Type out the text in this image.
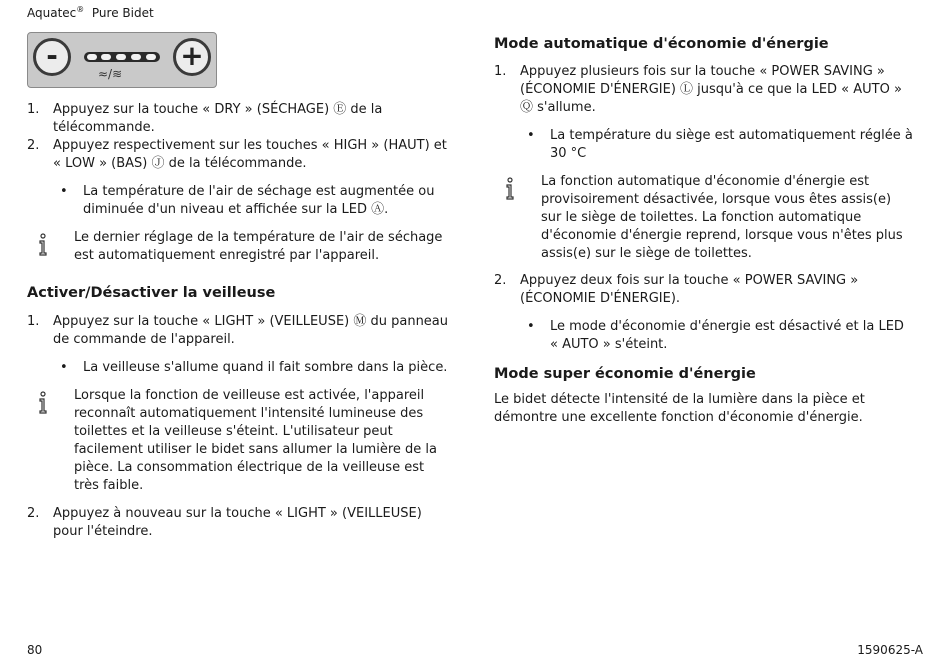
Aquatec® Pure Bidet
-
≈/≋
+

1. Appuyez sur la touche « DRY » (SÉCHAGE) Ⓔ de la télécommande.

2. Appuyez respectivement sur les touches « HIGH » (HAUT) et « LOW » (BAS) Ⓙ de la télécommande.

• La température de l'air de séchage est augmentée ou diminuée d'un niveau et affichée sur la LED Ⓐ.

Le dernier réglage de la température de l'air de séchage est automatiquement enregistré par l'appareil.
Activer/Désactiver la veilleuse

1. Appuyez sur la touche « LIGHT » (VEILLEUSE) Ⓜ du panneau de commande de l'appareil.

• La veilleuse s'allume quand il fait sombre dans la pièce.

Lorsque la fonction de veilleuse est activée, l'appareil reconnaît automatiquement l'intensité lumineuse des toilettes et la veilleuse s'éteint. L'utilisateur peut facilement utiliser le bidet sans allumer la lumière de la pièce. La consommation électrique de la veilleuse est très faible.

2. Appuyez à nouveau sur la touche « LIGHT » (VEILLEUSE) pour l'éteindre.

Mode automatique d'économie d'énergie

1. Appuyez plusieurs fois sur la touche « POWER SAVING » (ÉCONOMIE D'ÉNERGIE) Ⓛ jusqu'à ce que la LED « AUTO » Ⓠ s'allume.

• La température du siège est automatiquement réglée à 30 °C

La fonction automatique d'économie d'énergie est provisoirement désactivée, lorsque vous êtes assis(e) sur le siège de toilettes. La fonction automatique d'économie d'énergie reprend, lorsque vous n'êtes plus assis(e) sur le siège de toilettes.

2. Appuyez deux fois sur la touche « POWER SAVING » (ÉCONOMIE D'ÉNERGIE).

• Le mode d'économie d'énergie est désactivé et la LED « AUTO » s'éteint.

Mode super économie d'énergie

Le bidet détecte l'intensité de la lumière dans la pièce et démontre une excellente fonction d'économie d'énergie.

80	1590625-A
